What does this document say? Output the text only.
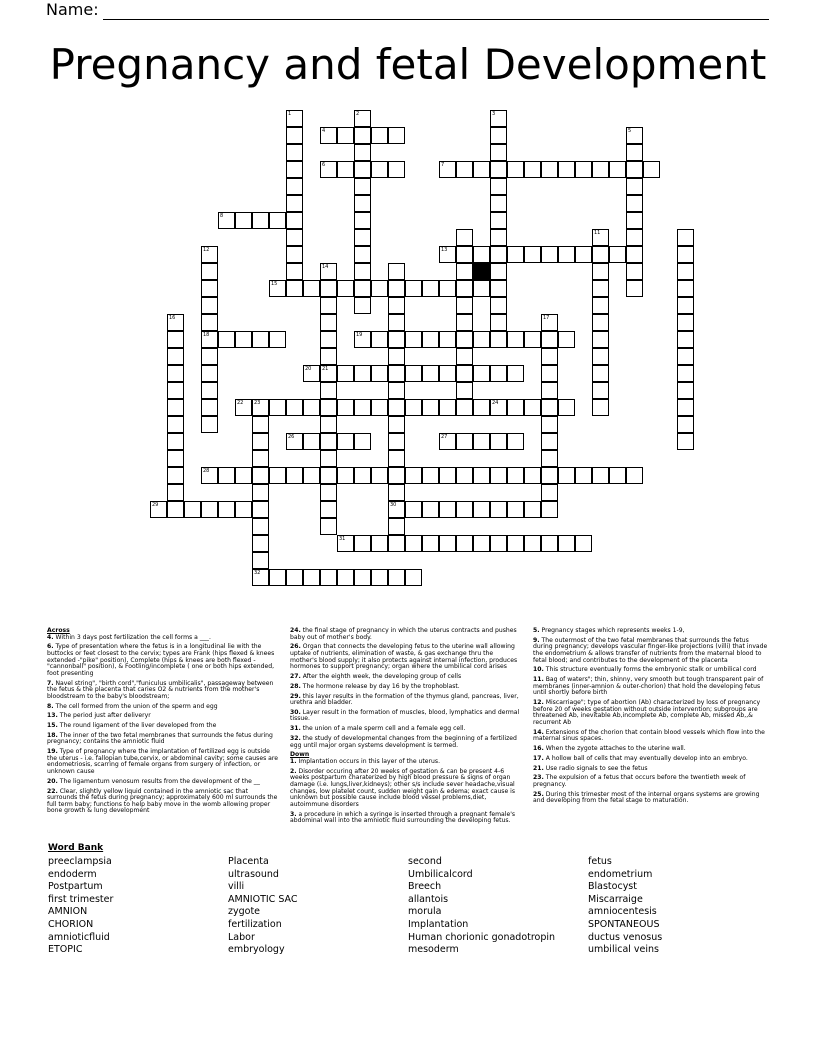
Name:
Pregnancy and fetal Development
1	2	3
5
30
11
12
18
14
21
16	17
4
6	7
8
13
15
19
20
22 23	24
26	27
28
29
31
32
Across

4. Within 3 days post fertilization the cell forms a ___.

6. Type of presentation where the fetus is in a longitudinal lie with the buttocks or feet closest to the cervix; types are Frank (hips flexed & knees extended -"pike" position), Complete (hips & knees are both flexed - "cannonball" position), & Footling/incomplete ( one or both hips extended, foot presenting

7. Navel string", "birth cord","funiculus umbilicalis", passageway between the fetus & the placenta that caries O2 & nutrients from the mother's bloodstream to the baby's bloodstream;

8. The cell formed from the union of the sperm and egg

13. The period just after deliveryr

15. The round ligament of the liver developed from the

18. The inner of the two fetal membranes that surrounds the fetus during pregnancy; contains the amniotic fluid

19. Type of pregnancy where the implantation of fertilized egg is outside the uterus - i.e. fallopian tube,cervix, or abdominal cavity; some causes are endometriosis, scarring of female organs from surgery or infection, or unknown cause

20. The ligamentum venosum results from the development of the __

22. Clear, slightly yellow liquid contained in the amniotic sac that surrounds the fetus during pregnancy; approximately 600 ml surrounds the full term baby; functions to help baby move in the womb allowing proper bone growth & lung development

24. the final stage of pregnancy in which the uterus contracts and pushes baby out of mother's body.

26. Organ that connects the developing fetus to the uterine wall allowing uptake of nutrients, elimination of waste, & gas exchange thru the mother's blood supply; it also protects against internal infection, produces hormones to support pregnancy; organ where the umbilical cord arises

27. After the eighth week, the developing group of cells

28. The hormone release by day 16 by the trophoblast.

29. this layer results in the formation of the thymus gland, pancreas, liver, urethra and bladder.

30. Layer result in the formation of muscles, blood, lymphatics and dermal tissue.

31. the union of a male sperm cell and a female egg cell.

32. the study of developmental changes from the beginning of a fertilized egg until major organ systems development is termed.

Down

1. Implantation occurs in this layer of the uterus.

2. Disorder occuring after 20 weeks of gestation & can be present 4-6 weeks postpartum charaterized by high blood pressure & signs of organ damage (i.e. lungs,liver,kidneys); other s/s include sever headache,visual changes, low platelet count, sudden weight gain & edema; exact cause is unknown but possible cause include blood vessel problems,diet, autoimmune disorders

3. a procedure in which a syringe is inserted through a pregnant female's abdominal wall into the amniotic fluid surrounding the developing fetus.

5. Pregnancy stages which represents weeks 1-9,

9. The outermost of the two fetal membranes that surrounds the fetus during pregnancy; develops vascular finger-like projections (villi) that invade the endometrium & allows transfer of nutrients from the maternal blood to fetal blood; and contributes to the development of the placenta

10. This structure eventually forms the embryonic stalk or umbilical cord

11. Bag of waters"; thin, shinny, very smooth but tough transparent pair of membranes (inner-amnion & outer-chorion) that hold the developing fetus until shortly before birth

12. Miscarriage"; type of abortion (Ab) characterized by loss of pregnancy before 20 of weeks gestation without outside intervention; subgroups are threatened Ab, inevitable Ab,incomplete Ab, complete Ab, missed Ab,,& recurrent Ab

14. Extensions of the chorion that contain blood vessels which flow into the maternal sinus spaces.

16. When the zygote attaches to the uterine wall.

17. A hollow ball of cells that may eventually develop into an embryo.

21. Use radio signals to see the fetus

23. The expulsion of a fetus that occurs before the twentieth week of pregnancy.

25. During this trimester most of the internal organs systems are growing and developing from the fetal stage to maturation.

Word Bank
preeclampsia
endoderm
Postpartum
first trimester
AMNION
CHORION
amnioticfluid
ETOPIC
Placenta
ultrasound
villi
AMNIOTIC SAC
zygote
fertilization
Labor
embryology
second
Umbilicalcord
Breech
allantois
morula
Implantation
Human chorionic gonadotropin
mesoderm
fetus
endometrium
Blastocyst
Miscarraige
amniocentesis
SPONTANEOUS
ductus venosus
umbilical veins
